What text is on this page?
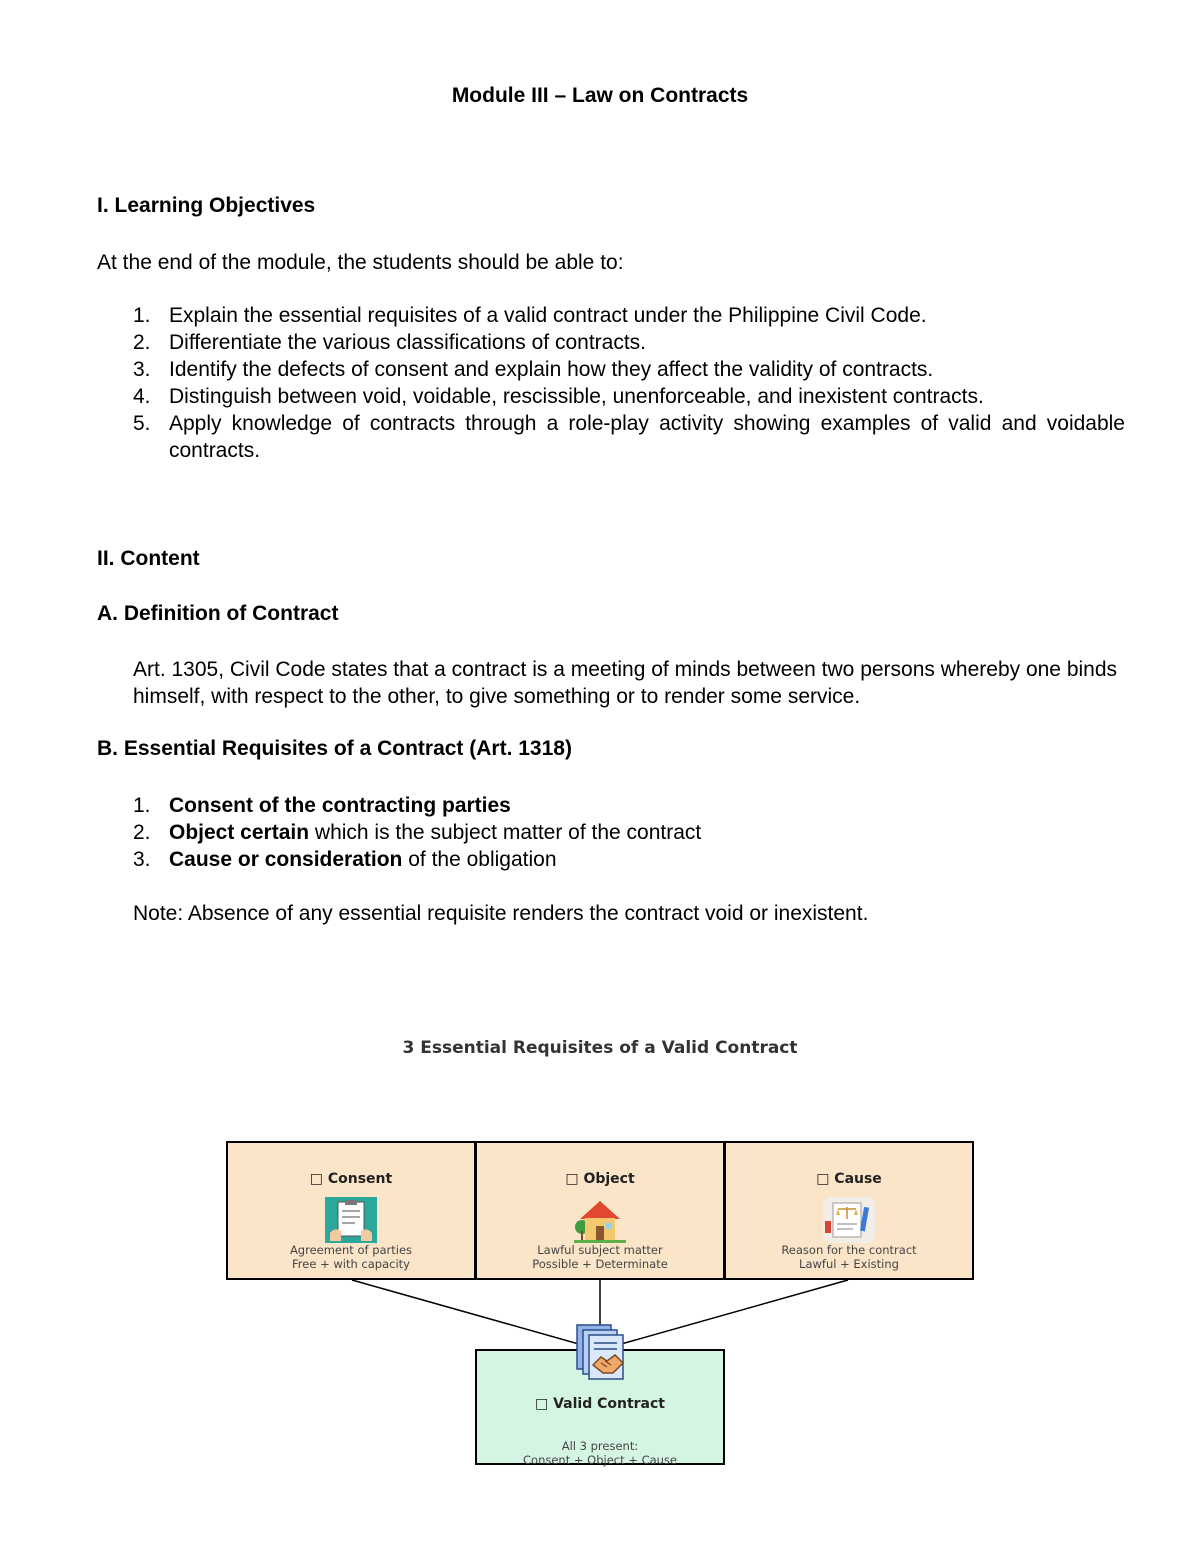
Module III – Law on Contracts

I. Learning Objectives

At the end of the module, the students should be able to:

1. Explain the essential requisites of a valid contract under the Philippine Civil Code.
2. Differentiate the various classifications of contracts.
3. Identify the defects of consent and explain how they affect the validity of contracts.
4. Distinguish between void, voidable, rescissible, unenforceable, and inexistent contracts.
5. Apply knowledge of contracts through a role-play activity showing examples of valid and voidable contracts.

II. Content

A. Definition of Contract

Art. 1305, Civil Code states that a contract is a meeting of minds between two persons whereby one binds himself, with respect to the other, to give something or to render some service.

B. Essential Requisites of a Contract (Art. 1318)

1. Consent of the contracting parties
2. Object certain which is the subject matter of the contract
3. Cause or consideration of the obligation

Note: Absence of any essential requisite renders the contract void or inexistent.

3 Essential Requisites of a Valid Contract

□ Consent
Agreement of parties
Free + with capacity
□ Object
Lawful subject matter
Possible + Determinate
□ Cause
Reason for the contract
Lawful + Existing
□ Valid Contract
All 3 present:
Consent + Object + Cause
